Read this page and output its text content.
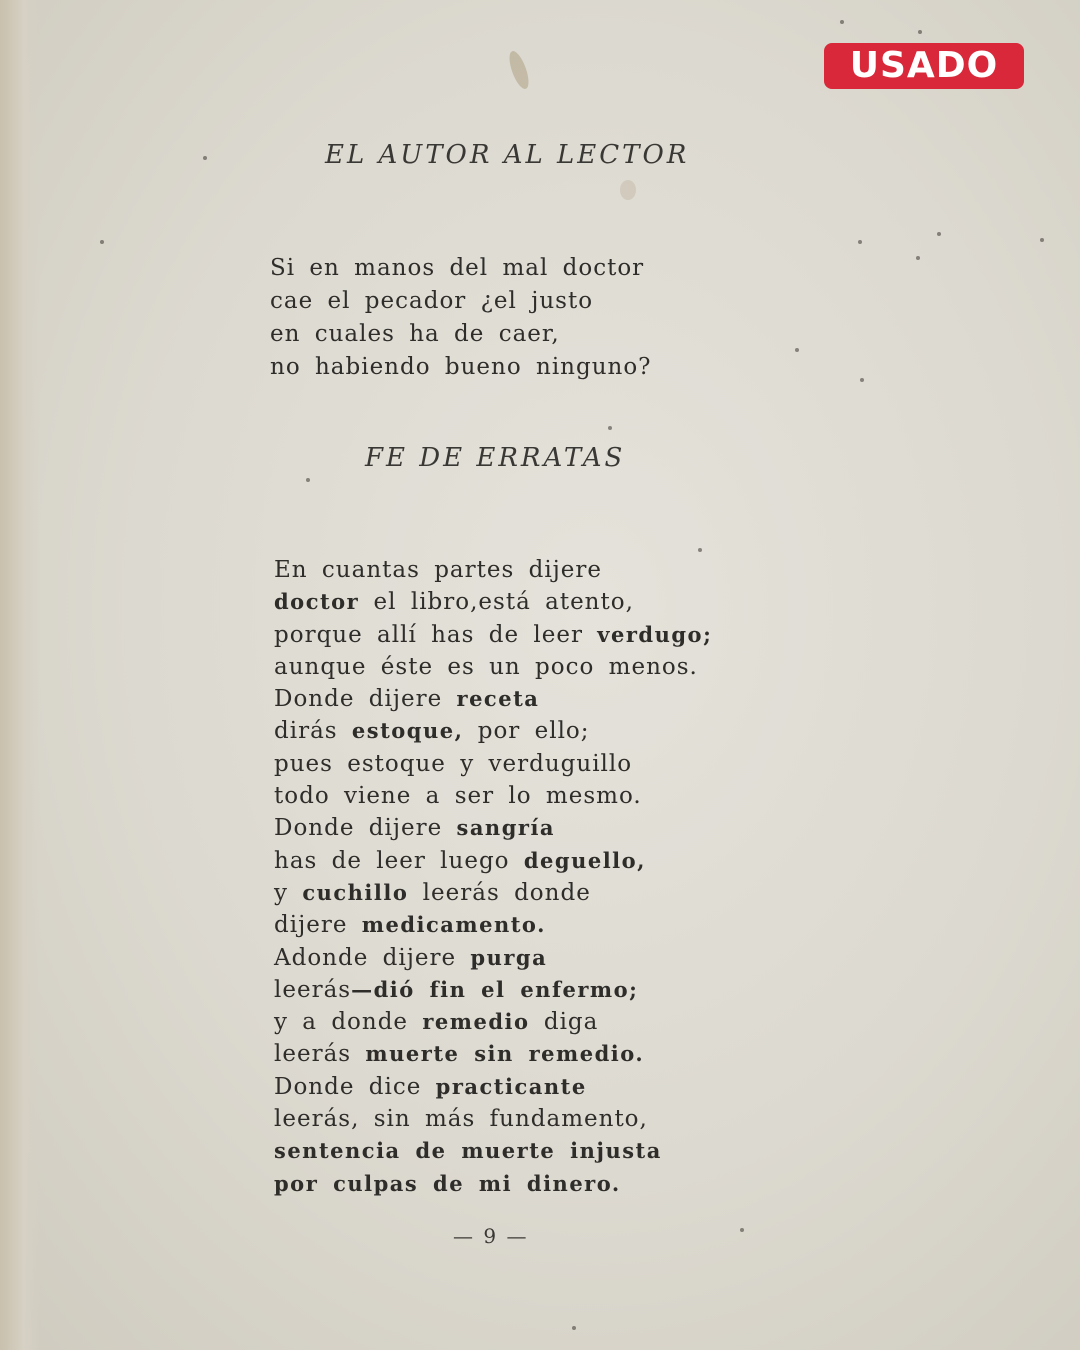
USADO
EL AUTOR AL LECTOR
Si en manos del mal doctor
cae el pecador ¿el justo
en cuales ha de caer,
no habiendo bueno ninguno?
FE DE ERRATAS
En cuantas partes dijere
doctor el libro,está atento,
porque allí has de leer verdugo;
aunque éste es un poco menos.
Donde dijere receta
dirás estoque, por ello;
pues estoque y verduguillo
todo viene a ser lo mesmo.
Donde dijere sangría
has de leer luego deguello,
y cuchillo leerás donde
dijere medicamento.
Adonde dijere purga
leerás—dió fin el enfermo;
y a donde remedio diga
leerás muerte sin remedio.
Donde dice practicante
leerás, sin más fundamento,
sentencia de muerte injusta
por culpas de mi dinero.
— 9 —
